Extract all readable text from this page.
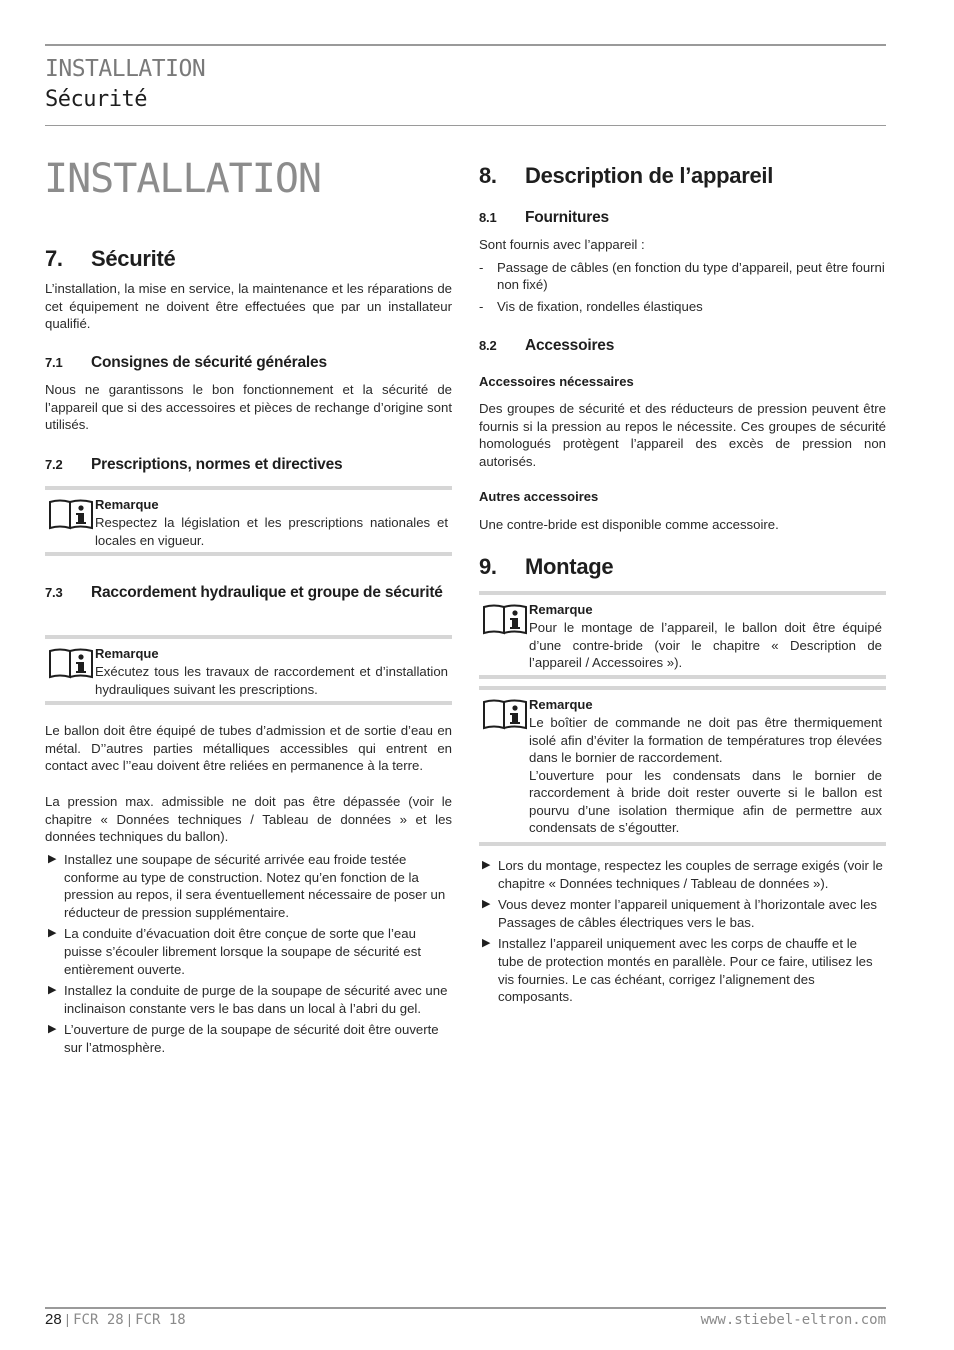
INSTALLATION
Sécurité
INSTALLATION
7. Sécurité
L’installation, la mise en service, la maintenance et les réparations de cet équipement ne doivent être effectuées que par un installateur qualifié.
7.1	Consignes de sécurité générales
Nous ne garantissons le bon fonctionnement et la sécurité de l’appareil que si des accessoires et pièces de rechange d’origine sont utilisés.
7.2	Prescriptions, normes et directives
Remarque
Respectez la législation et les prescriptions nationales et locales en vigueur.
7.3	Raccordement hydraulique et groupe de sécurité
Remarque
Exécutez tous les travaux de raccordement et d’installation hydrauliques suivant les prescriptions.
Le ballon doit être équipé de tubes d’admission et de sortie d’eau en métal. D’’autres parties métalliques accessibles qui entrent en contact avec l’’eau doivent être reliées en permanence à la terre.
La pression max. admissible ne doit pas être dépassée (voir le chapitre « Données techniques / Tableau de données » et les données techniques du ballon).
▶ Installez une soupape de sécurité arrivée eau froide testée conforme au type de construction. Notez qu’en fonction de la pression au repos, il sera éventuellement nécessaire de poser un réducteur de pression supplémentaire.
▶ La conduite d’évacuation doit être conçue de sorte que l’eau puisse s’écouler librement lorsque la soupape de sécurité est entièrement ouverte.
▶ Installez la conduite de purge de la soupape de sécurité avec une inclinaison constante vers le bas dans un local à l’abri du gel.
▶ L’ouverture de purge de la soupape de sécurité doit être ouverte sur l’atmosphère.
8. Description de l’appareil
8.1	Fournitures
Sont fournis avec l’appareil :
- Passage de câbles (en fonction du type d’appareil, peut être fourni non fixé)
- Vis de fixation, rondelles élastiques
8.2	Accessoires
Accessoires nécessaires
Des groupes de sécurité et des réducteurs de pression peuvent être fournis si la pression au repos le nécessite. Ces groupes de sécurité homologués protègent l’appareil des excès de pression non autorisés.
Autres accessoires
Une contre-bride est disponible comme accessoire.
9. Montage
Remarque
Pour le montage de l’appareil, le ballon doit être équipé d’une contre-bride (voir le chapitre « Description de l’appareil / Accessoires »).
Remarque
Le boîtier de commande ne doit pas être thermiquement isolé afin d’éviter la formation de températures trop élevées dans le bornier de raccordement.
L’ouverture pour les condensats dans le bornier de raccordement à bride doit rester ouverte si le ballon est pourvu d’une isolation thermique afin de permettre aux condensats de s’égoutter.
▶ Lors du montage, respectez les couples de serrage exigés (voir le chapitre « Données techniques / Tableau de données »).
▶ Vous devez monter l’appareil uniquement à l’horizontale avec les Passages de câbles électriques vers le bas.
▶ Installez l’appareil uniquement avec les corps de chauffe et le tube de protection montés en parallèle. Pour ce faire, utilisez les vis fournies. Le cas échéant, corrigez l’alignement des composants.
28 | FCR 28 | FCR 18	www.stiebel-eltron.com
